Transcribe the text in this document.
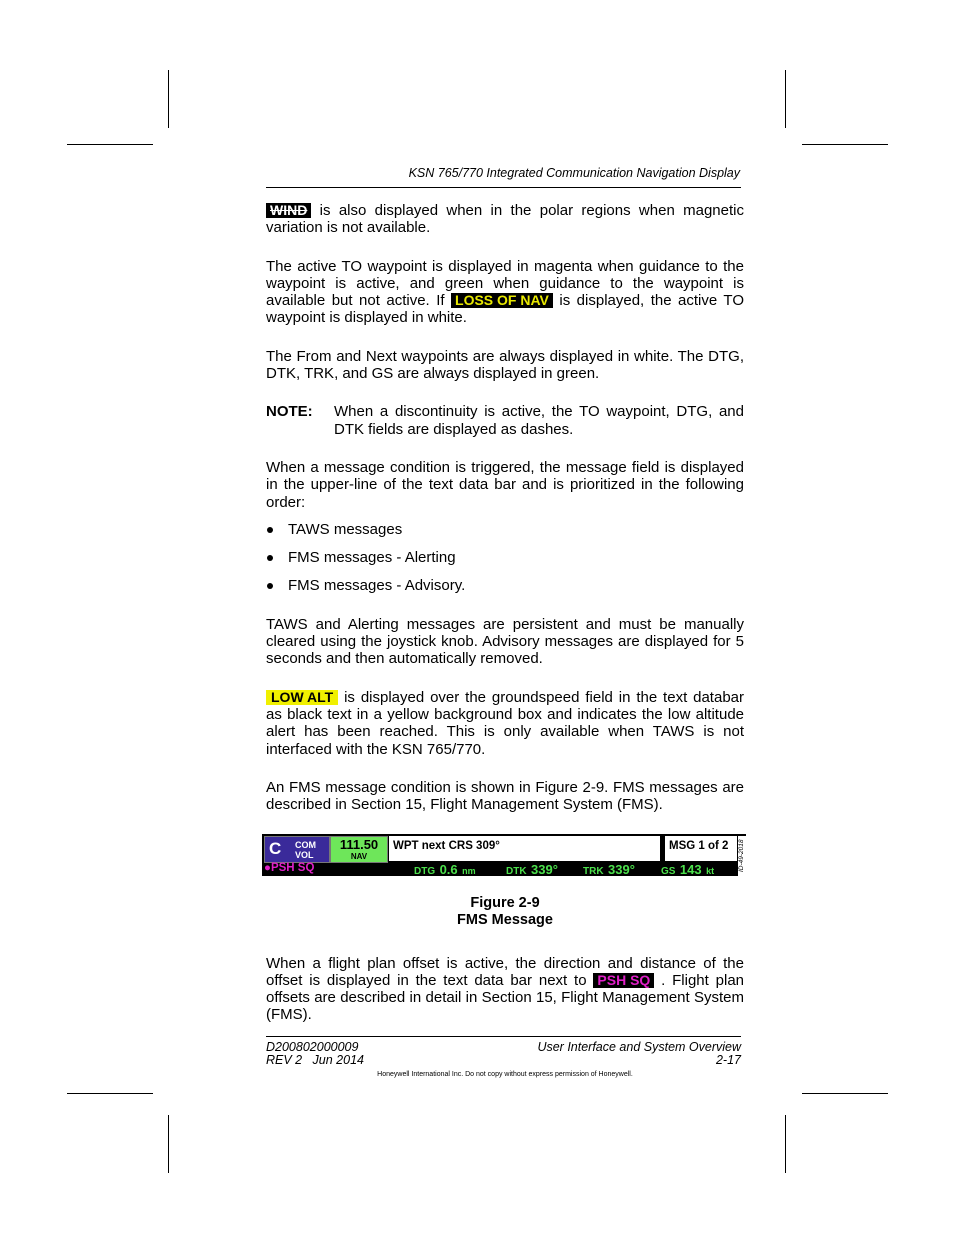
KSN 765/770 Integrated Communication Navigation Display

WIND is also displayed when in the polar regions when magnetic variation is not available.

The active TO waypoint is displayed in magenta when guidance to the waypoint is active, and green when guidance to the waypoint is available but not active. If LOSS OF NAV is displayed, the active TO waypoint is displayed in white.

The From and Next waypoints are always displayed in white. The DTG, DTK, TRK, and GS are always displayed in green.

NOTE:	When a discontinuity is active, the TO waypoint, DTG, and DTK fields are displayed as dashes.

When a message condition is triggered, the message field is displayed in the upper-line of the text data bar and is prioritized in the following order:

TAWS messages
FMS messages - Alerting
FMS messages - Advisory.

TAWS and Alerting messages are persistent and must be manually cleared using the joystick knob. Advisory messages are displayed for 5 seconds and then automatically removed.

LOW ALT is displayed over the groundspeed field in the text databar as black text in a yellow background box and indicates the low altitude alert has been reached. This is only available when TAWS is not interfaced with the KSN 765/770.

An FMS message condition is shown in Figure 2-9. FMS messages are described in Section 15, Flight Management System (FMS).

C COM
VOL
111.50
NAV
WPT next CRS 309°	MSG 1 of 2 ID-49-2018
●PSH SQ	DTG 0.6 nm	DTK 339°	TRK 339°	GS 143 kt
Figure 2-9
FMS Message

When a flight plan offset is active, the direction and distance of the offset is displayed in the text data bar next to PSH SQ . Flight plan offsets are described in detail in Section 15, Flight Management System (FMS).

D200802000009
REV 2   Jun 2014
User Interface and System Overview
2-17
Honeywell International Inc. Do not copy without express permission of Honeywell.
